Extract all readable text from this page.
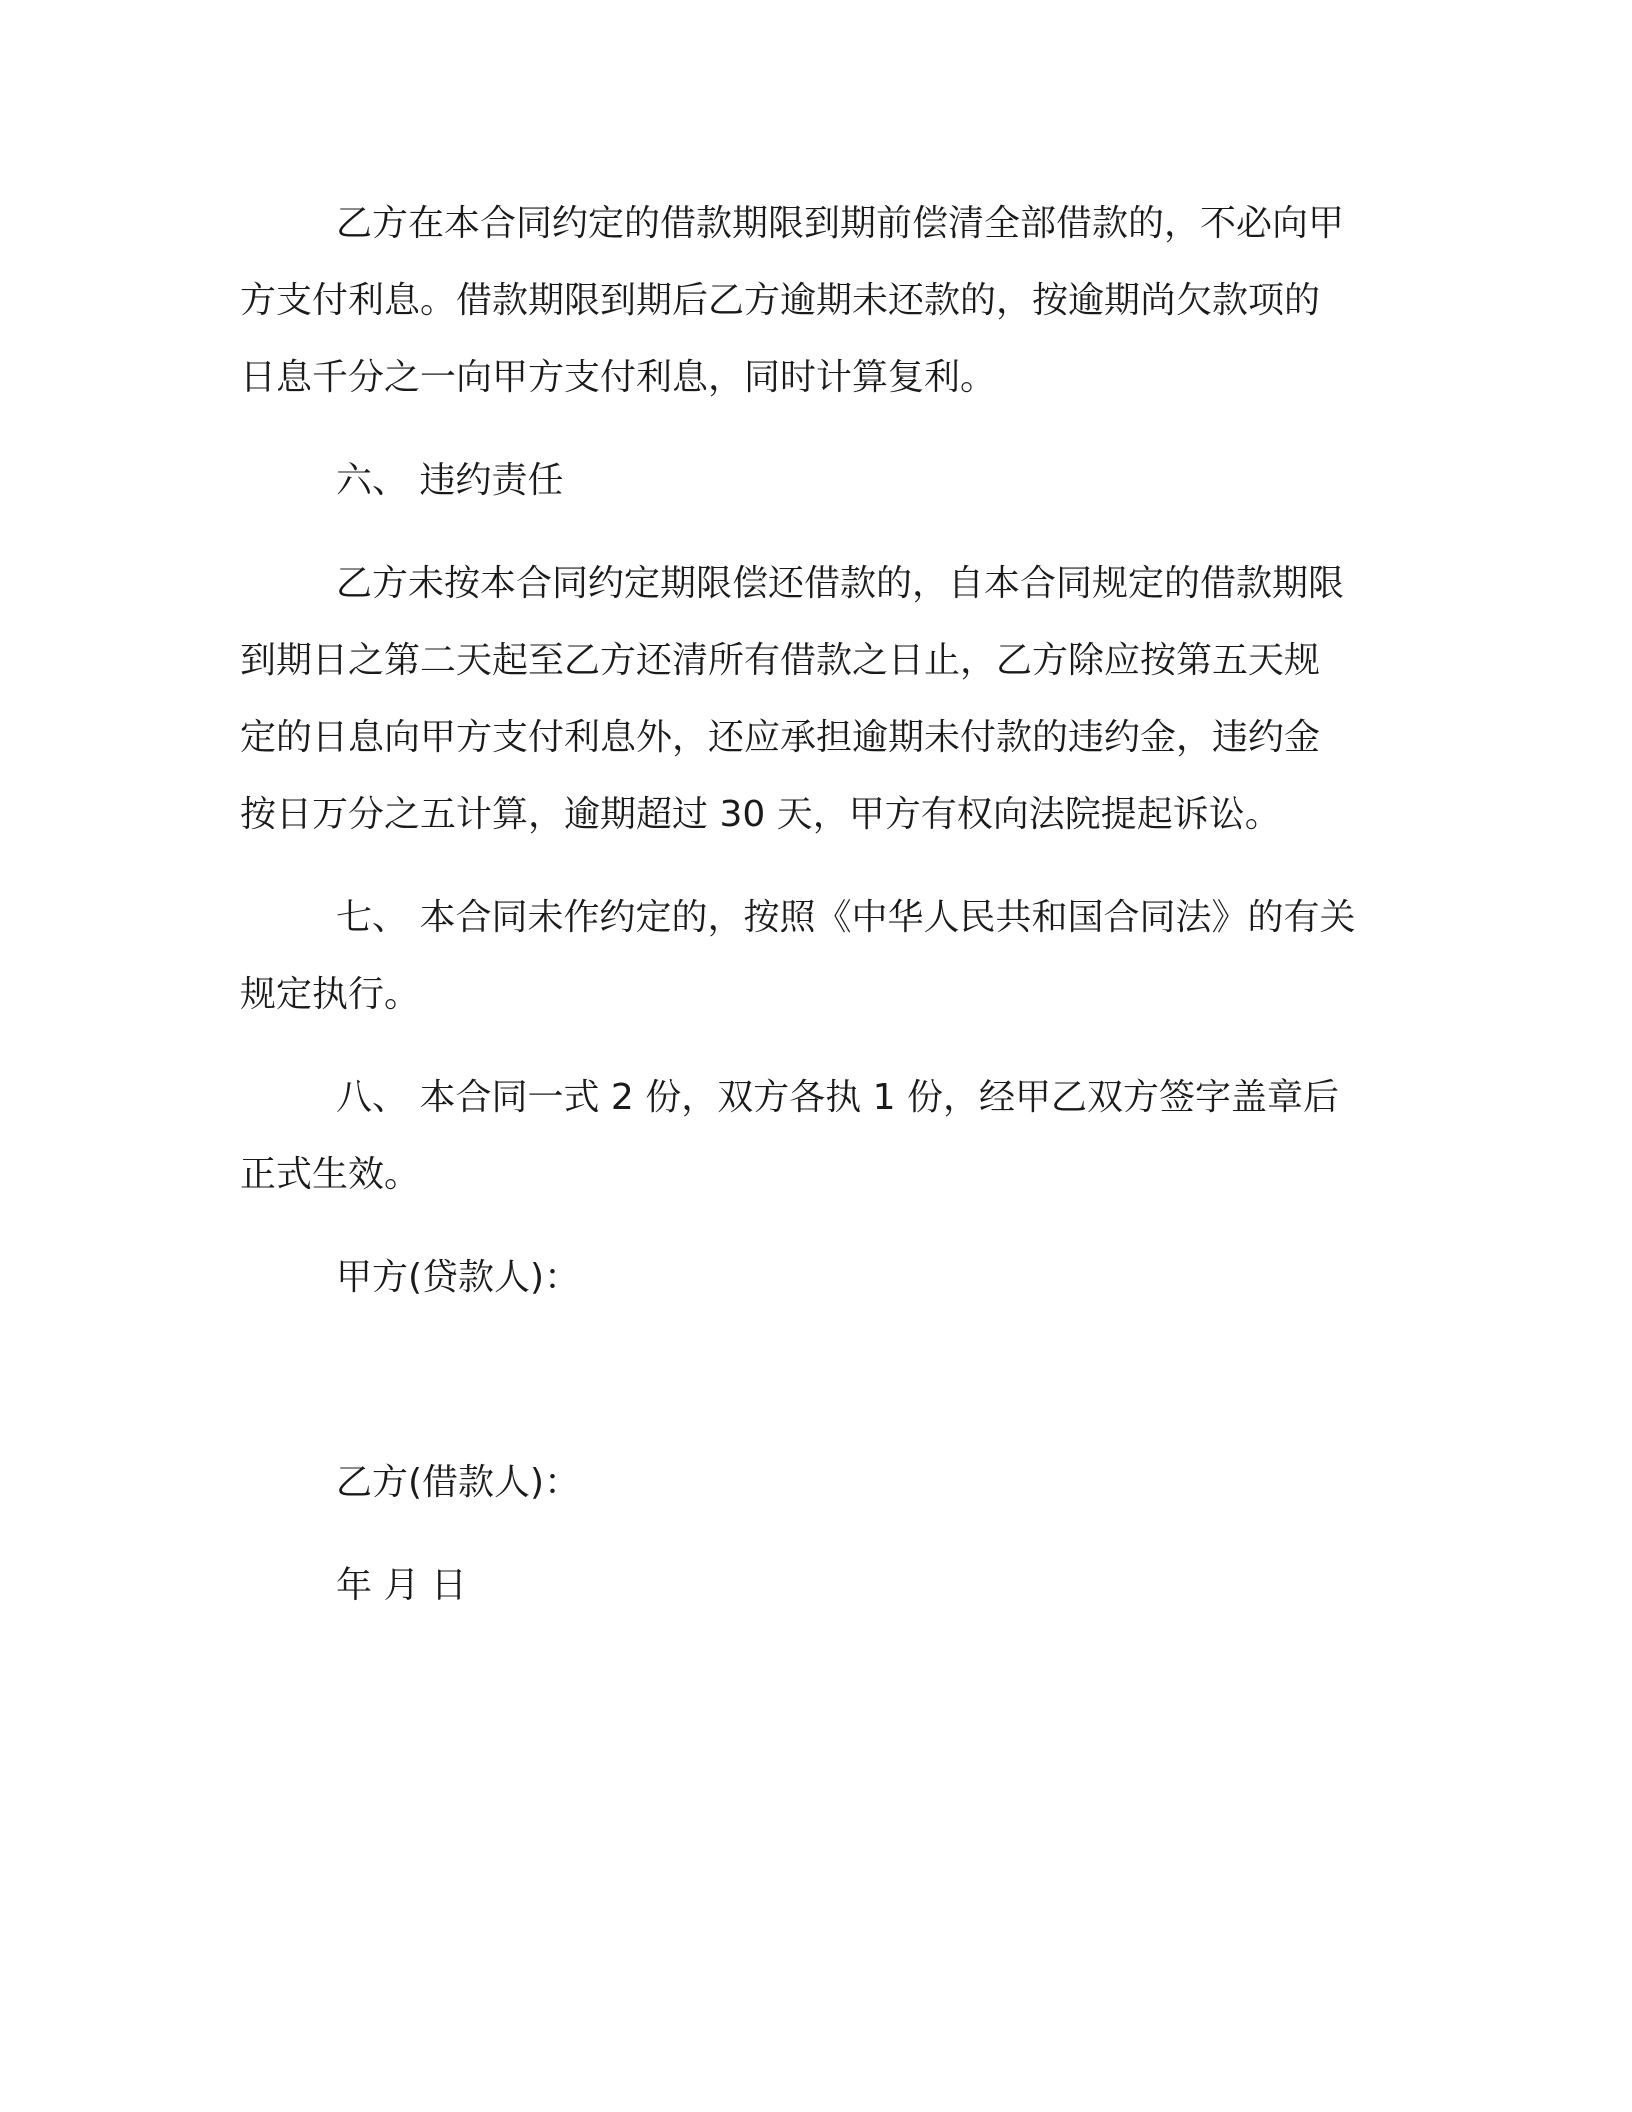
乙方在本合同约定的借款期限到期前偿清全部借款的，不必向甲
方支付利息。借款期限到期后乙方逾期未还款的，按逾期尚欠款项的
日息千分之一向甲方支付利息，同时计算复利。
六、 违约责任
乙方未按本合同约定期限偿还借款的，自本合同规定的借款期限
到期日之第二天起至乙方还清所有借款之日止，乙方除应按第五天规
定的日息向甲方支付利息外，还应承担逾期未付款的违约金，违约金
按日万分之五计算，逾期超过 30 天，甲方有权向法院提起诉讼。
七、 本合同未作约定的，按照《中华人民共和国合同法》的有关
规定执行。
八、 本合同一式 2 份，双方各执 1 份，经甲乙双方签字盖章后
正式生效。
甲方(贷款人)：
乙方(借款人)：
年 月 日
